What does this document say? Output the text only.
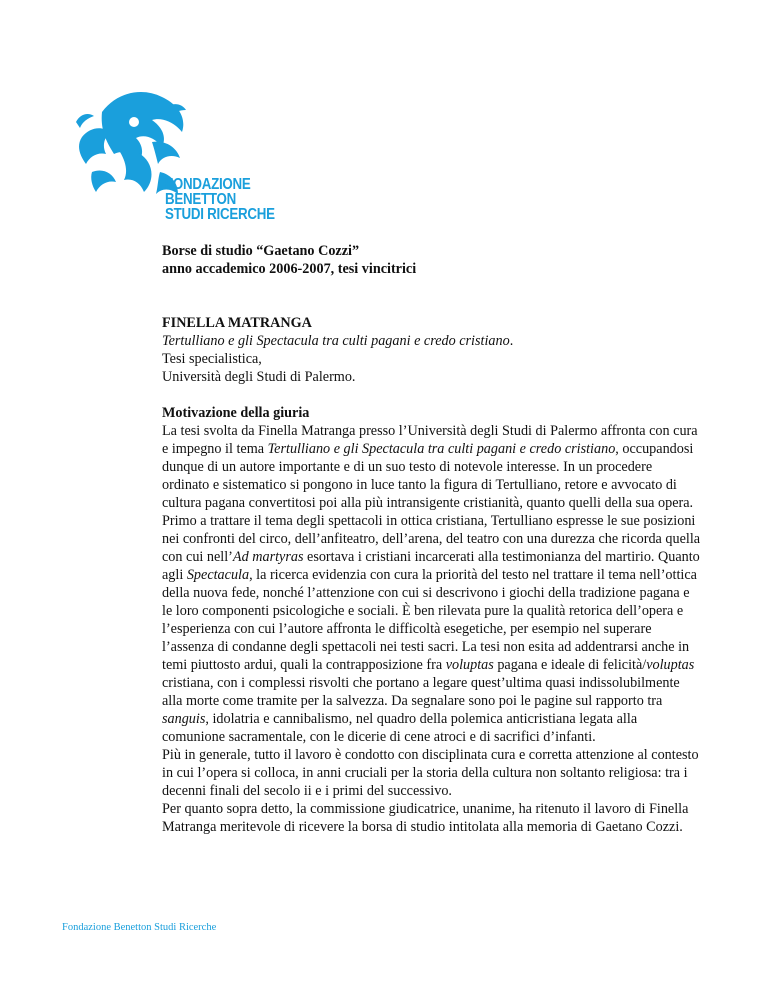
FONDAZIONE
BENETTON
STUDI RICERCHE
Borse di studio “Gaetano Cozzi”
anno accademico 2006-2007, tesi vincitrici
FINELLA MATRANGA
Tertulliano e gli Spectacula tra culti pagani e credo cristiano.
Tesi specialistica,
Università degli Studi di Palermo.
Motivazione della giuria

La tesi svolta da Finella Matranga presso l’Università degli Studi di Palermo affronta con cura e impegno il tema Tertulliano e gli Spectacula tra culti pagani e credo cristiano, occupandosi dunque di un autore importante e di un suo testo di notevole interesse. In un procedere ordinato e sistematico si pongono in luce tanto la figura di Tertulliano, retore e avvocato di cultura pagana convertitosi poi alla più intransigente cristianità, quanto quelli della sua opera. Primo a trattare il tema degli spettacoli in ottica cristiana, Tertulliano espresse le sue posizioni nei confronti del circo, dell’anfiteatro, dell’arena, del teatro con una durezza che ricorda quella con cui nell’Ad martyras esortava i cristiani incarcerati alla testimonianza del martirio. Quanto agli Spectacula, la ricerca evidenzia con cura la priorità del testo nel trattare il tema nell’ottica della nuova fede, nonché l’attenzione con cui si descrivono i giochi della tradizione pagana e le loro componenti psicologiche e sociali. È ben rilevata pure la qualità retorica dell’opera e l’esperienza con cui l’autore affronta le difficoltà esegetiche, per esempio nel superare l’assenza di condanne degli spettacoli nei testi sacri. La tesi non esita ad addentrarsi anche in temi piuttosto ardui, quali la contrapposizione fra voluptas pagana e ideale di felicità/voluptas cristiana, con i complessi risvolti che portano a legare quest’ultima quasi indissolubilmente alla morte come tramite per la salvezza. Da segnalare sono poi le pagine sul rapporto tra sanguis, idolatria e cannibalismo, nel quadro della polemica anticristiana legata alla comunione sacramentale, con le dicerie di cene atroci e di sacrifici d’infanti.

Più in generale, tutto il lavoro è condotto con disciplinata cura e corretta attenzione al contesto in cui l’opera si colloca, in anni cruciali per la storia della cultura non soltanto religiosa: tra i decenni finali del secolo ii e i primi del successivo.

Per quanto sopra detto, la commissione giudicatrice, unanime, ha ritenuto il lavoro di Finella Matranga meritevole di ricevere la borsa di studio intitolata alla memoria di Gaetano Cozzi.

Fondazione Benetton Studi Ricerche
